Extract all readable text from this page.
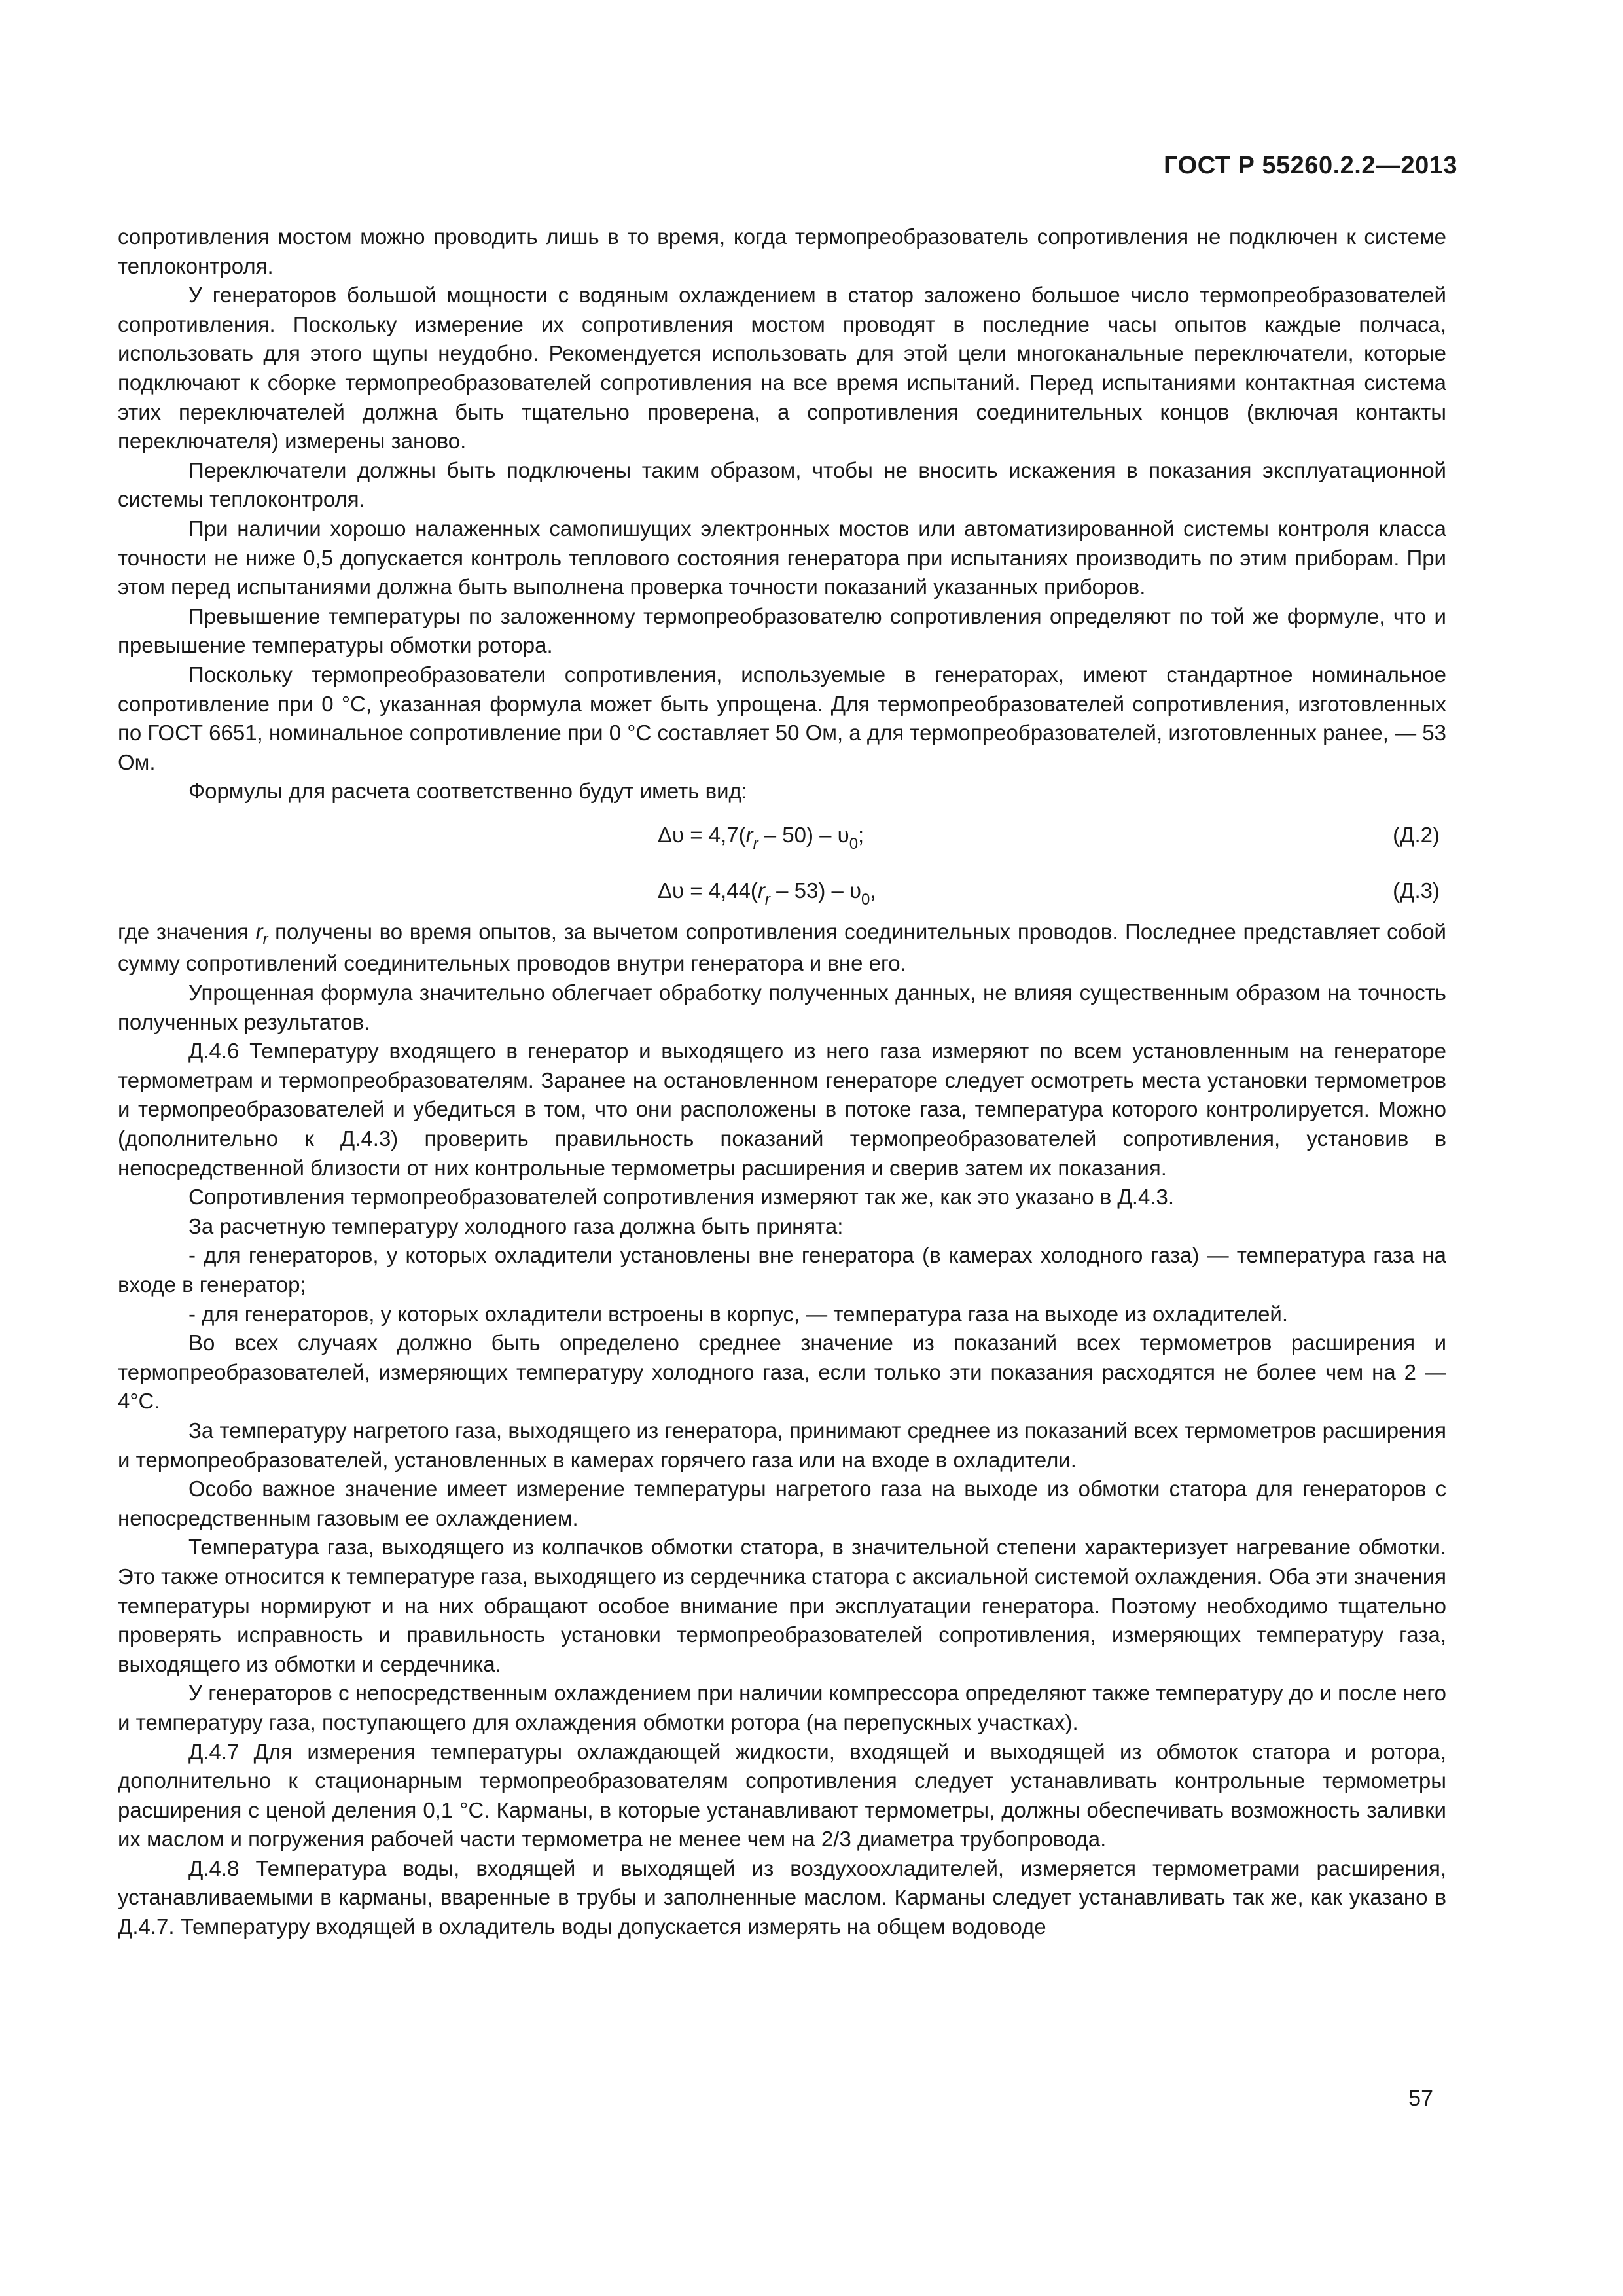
ГОСТ Р 55260.2.2—2013

сопротивления мостом можно проводить лишь в то время, когда термопреобразователь сопротивления не подключен к системе теплоконтроля.

У генераторов большой мощности с водяным охлаждением в статор заложено большое число термопреобразователей сопротивления. Поскольку измерение их сопротивления мостом проводят в последние часы опытов каждые полчаса, использовать для этого щупы неудобно. Рекомендуется использовать для этой цели многоканальные переключатели, которые подключают к сборке термопреобразователей сопротивления на все время испытаний. Перед испытаниями контактная система этих переключателей должна быть тщательно проверена, а сопротивления соединительных концов (включая контакты переключателя) измерены заново.

Переключатели должны быть подключены таким образом, чтобы не вносить искажения в показания эксплуатационной системы теплоконтроля.

При наличии хорошо налаженных самопишущих электронных мостов или автоматизированной системы контроля класса точности не ниже 0,5 допускается контроль теплового состояния генератора при испытаниях производить по этим приборам. При этом перед испытаниями должна быть выполнена проверка точности показаний указанных приборов.

Превышение температуры по заложенному термопреобразователю сопротивления определяют по той же формуле, что и превышение температуры обмотки ротора.

Поскольку термопреобразователи сопротивления, используемые в генераторах, имеют стандартное номинальное сопротивление при 0 °С, указанная формула может быть упрощена. Для термопреобразователей сопротивления, изготовленных по ГОСТ 6651, номинальное сопротивление при 0 °С составляет 50 Ом, а для термопреобразователей, изготовленных ранее, — 53 Ом.

Формулы для расчета соответственно будут иметь вид:

$\Delta\upsilon = 4,7(r_r - 50) - \upsilon_0$;	(Д.2)
$\Delta\upsilon = 4,44(r_r - 53) - \upsilon_0$,	(Д.3)

где значения $r_r$ получены во время опытов, за вычетом сопротивления соединительных проводов. Последнее представляет собой сумму сопротивлений соединительных проводов внутри генератора и вне его.

Упрощенная формула значительно облегчает обработку полученных данных, не влияя существенным образом на точность полученных результатов.

Д.4.6 Температуру входящего в генератор и выходящего из него газа измеряют по всем установленным на генераторе термометрам и термопреобразователям. Заранее на остановленном генераторе следует осмотреть места установки термометров и термопреобразователей и убедиться в том, что они расположены в потоке газа, температура которого контролируется. Можно (дополнительно к Д.4.3) проверить правильность показаний термопреобразователей сопротивления, установив в непосредственной близости от них контрольные термометры расширения и сверив затем их показания.

Сопротивления термопреобразователей сопротивления измеряют так же, как это указано в Д.4.3.

За расчетную температуру холодного газа должна быть принята:

- для генераторов, у которых охладители установлены вне генератора (в камерах холодного газа) — температура газа на входе в генератор;

- для генераторов, у которых охладители встроены в корпус, — температура газа на выходе из охладителей.

Во всех случаях должно быть определено среднее значение из показаний всех термометров расширения и термопреобразователей, измеряющих температуру холодного газа, если только эти показания расходятся не более чем на 2 — 4°С.

За температуру нагретого газа, выходящего из генератора, принимают среднее из показаний всех термометров расширения и термопреобразователей, установленных в камерах горячего газа или на входе в охладители.

Особо важное значение имеет измерение температуры нагретого газа на выходе из обмотки статора для генераторов с непосредственным газовым ее охлаждением.

Температура газа, выходящего из колпачков обмотки статора, в значительной степени характеризует нагревание обмотки. Это также относится к температуре газа, выходящего из сердечника статора с аксиальной системой охлаждения. Оба эти значения температуры нормируют и на них обращают особое внимание при эксплуатации генератора. Поэтому необходимо тщательно проверять исправность и правильность установки термопреобразователей сопротивления, измеряющих температуру газа, выходящего из обмотки и сердечника.

У генераторов с непосредственным охлаждением при наличии компрессора определяют также температуру до и после него и температуру газа, поступающего для охлаждения обмотки ротора (на перепускных участках).

Д.4.7 Для измерения температуры охлаждающей жидкости, входящей и выходящей из обмоток статора и ротора, дополнительно к стационарным термопреобразователям сопротивления следует устанавливать контрольные термометры расширения с ценой деления 0,1 °С. Карманы, в которые устанавливают термометры, должны обеспечивать возможность заливки их маслом и погружения рабочей части термометра не менее чем на 2/3 диаметра трубопровода.

Д.4.8 Температура воды, входящей и выходящей из воздухоохладителей, измеряется термометрами расширения, устанавливаемыми в карманы, вваренные в трубы и заполненные маслом. Карманы следует устанавливать так же, как указано в Д.4.7. Температуру входящей в охладитель воды допускается измерять на общем водоводе

57
